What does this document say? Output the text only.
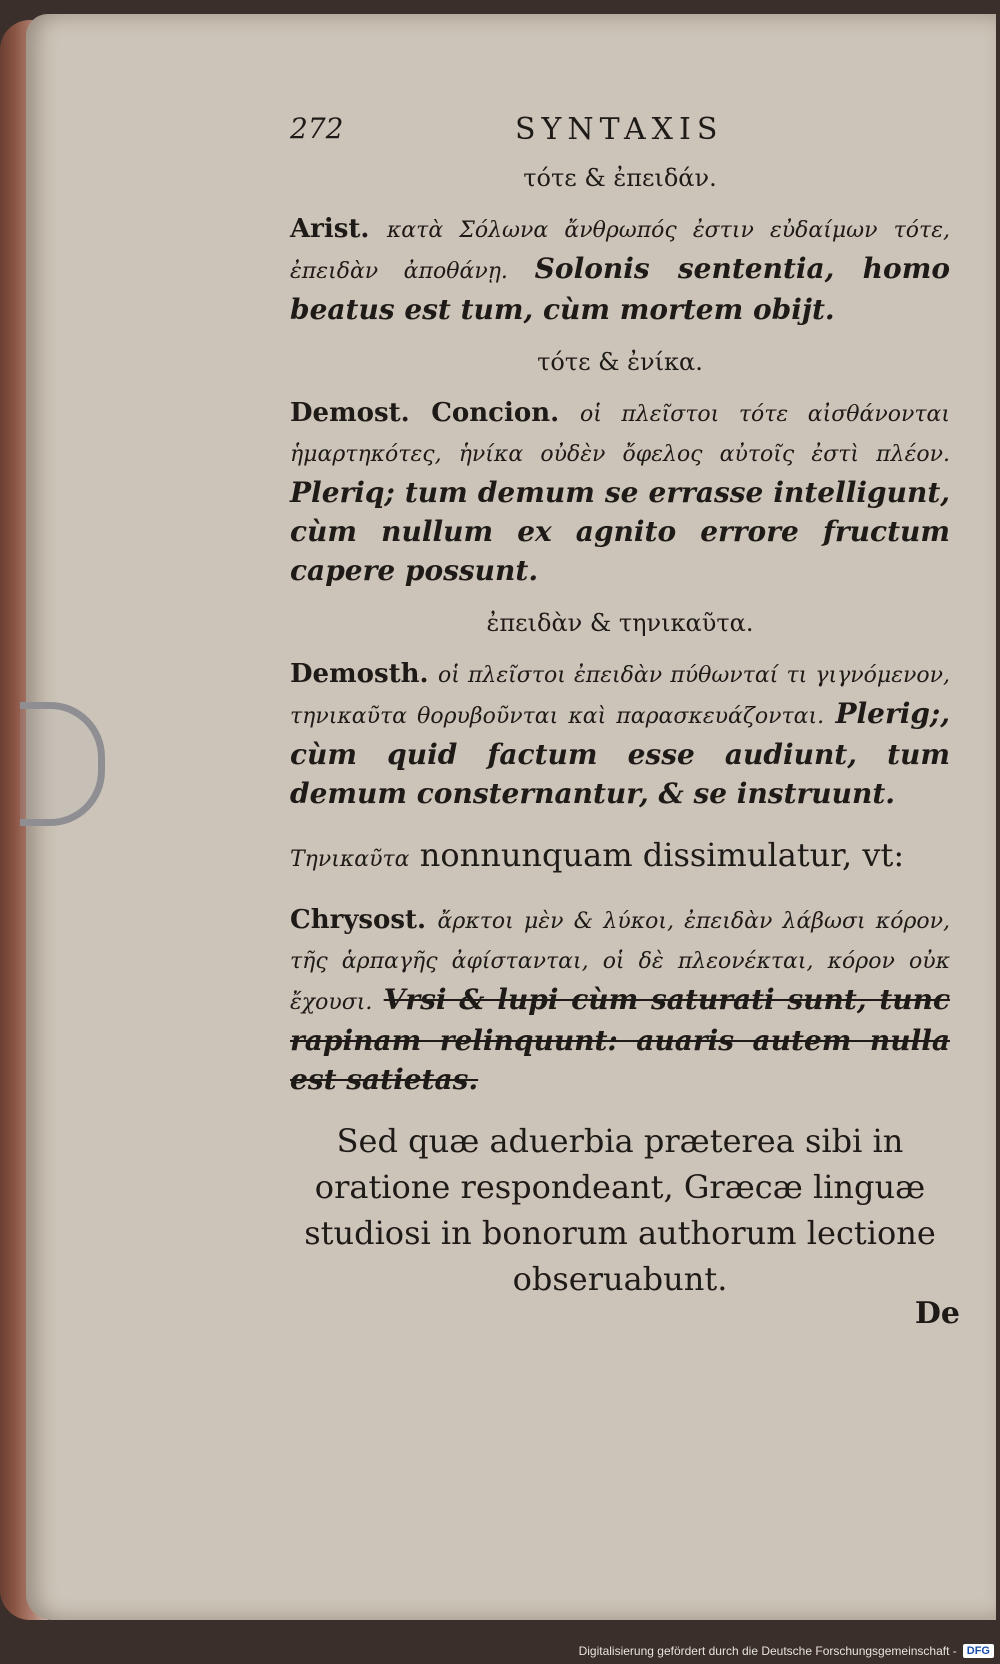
272	SYNTAXIS
τότε & ἐπειδάν.

Arist. κατὰ Σόλωνα ἄνθρωπός ἐστιν εὐδαίμων τότε, ἐπειδὰν ἀποθάνῃ. Solonis sententia, homo beatus est tum, cùm mortem obijt.

τότε & ἐνίκα.

Demost. Concion. οἱ πλεῖστοι τότε αἰσθάνονται ἡμαρτηκότες, ἡνίκα οὐδὲν ὄφελος αὐτοῖς ἐστὶ πλέον. Pleriq; tum demum se errasse intelligunt, cùm nullum ex agnito errore fructum capere possunt.

ἐπειδὰν & τηνικαῦτα.

Demosth. οἱ πλεῖστοι ἐπειδὰν πύθωνταί τι γιγνόμενον, τηνικαῦτα θορυβοῦνται καὶ παρασκευάζονται. Plerig;, cùm quid factum esse audiunt, tum demum consternantur, & se instruunt.

Τηνικαῦτα nonnunquam dissimulatur, vt:

Chrysost. ἄρκτοι μὲν & λύκοι, ἐπειδὰν λάβωσι κόρον, τῆς ἁρπαγῆς ἀφίστανται, οἱ δὲ πλεονέκται, κόρον οὐκ ἔχουσι. Vrsi & lupi cùm saturati sunt, tunc rapinam relinquunt: auaris autem nulla est satietas.

Sed quæ aduerbia præterea sibi in oratione respondeant, Græcæ linguæ studiosi in bonorum authorum lectione obseruabunt.

De
Digitalisierung gefördert durch die Deutsche Forschungsgemeinschaft - DFG
